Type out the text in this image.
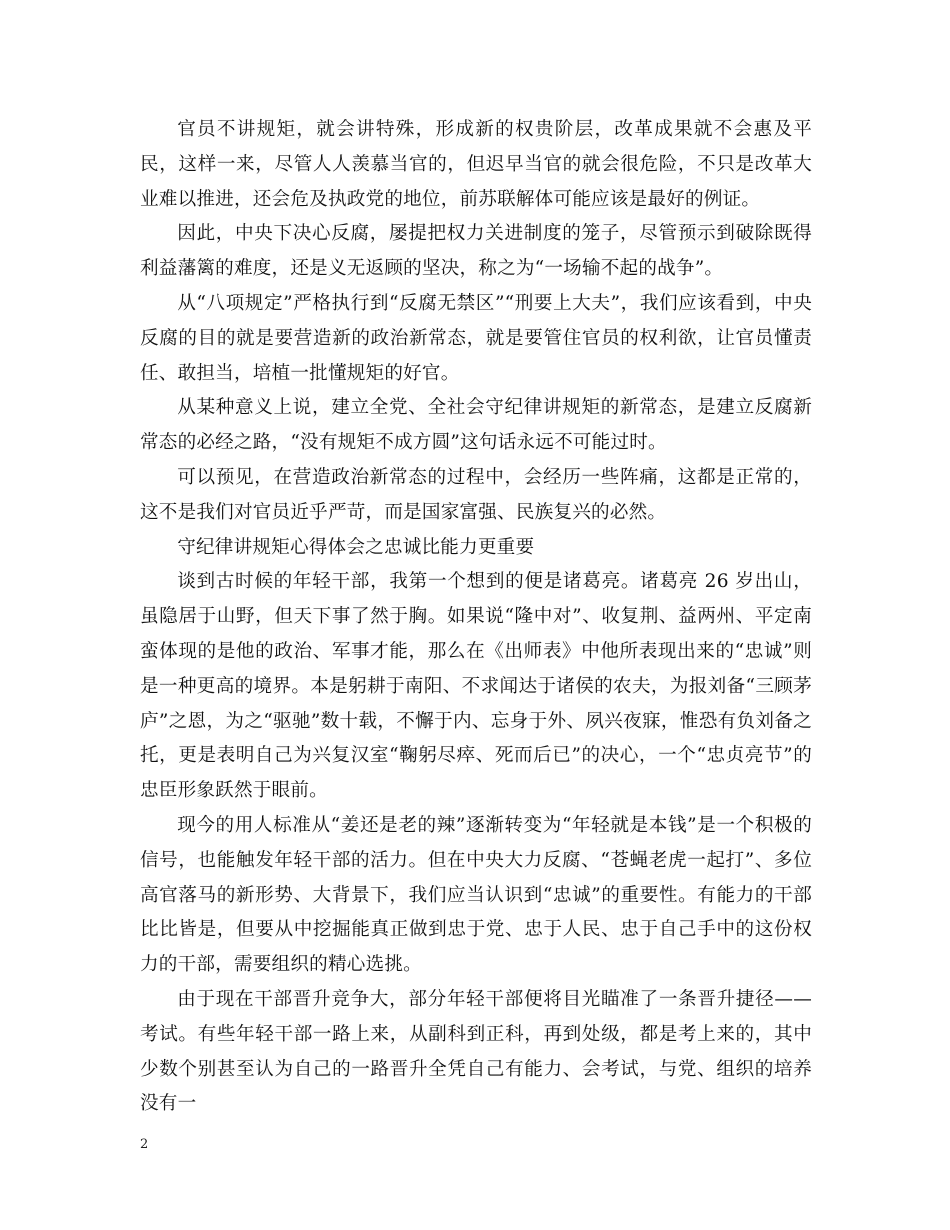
官员不讲规矩，就会讲特殊，形成新的权贵阶层，改革成果就不会惠及平民，这样一来，尽管人人羡慕当官的，但迟早当官的就会很危险，不只是改革大业难以推进，还会危及执政党的地位，前苏联解体可能应该是最好的例证。

因此，中央下决心反腐，屡提把权力关进制度的笼子，尽管预示到破除既得利益藩篱的难度，还是义无返顾的坚决，称之为“一场输不起的战争”。

从“八项规定”严格执行到“反腐无禁区”“刑要上大夫”，我们应该看到，中央反腐的目的就是要营造新的政治新常态，就是要管住官员的权利欲，让官员懂责任、敢担当，培植一批懂规矩的好官。

从某种意义上说，建立全党、全社会守纪律讲规矩的新常态，是建立反腐新常态的必经之路，“没有规矩不成方圆”这句话永远不可能过时。

可以预见，在营造政治新常态的过程中，会经历一些阵痛，这都是正常的，这不是我们对官员近乎严苛，而是国家富强、民族复兴的必然。

守纪律讲规矩心得体会之忠诚比能力更重要

谈到古时候的年轻干部，我第一个想到的便是诸葛亮。诸葛亮 26 岁出山，虽隐居于山野，但天下事了然于胸。如果说“隆中对”、收复荆、益两州、平定南蛮体现的是他的政治、军事才能，那么在《出师表》中他所表现出来的“忠诚”则是一种更高的境界。本是躬耕于南阳、不求闻达于诸侯的农夫，为报刘备“三顾茅庐”之恩，为之“驱驰”数十载，不懈于内、忘身于外、夙兴夜寐，惟恐有负刘备之托，更是表明自己为兴复汉室“鞠躬尽瘁、死而后已”的决心，一个“忠贞亮节”的忠臣形象跃然于眼前。

现今的用人标准从“姜还是老的辣”逐渐转变为“年轻就是本钱”是一个积极的信号，也能触发年轻干部的活力。但在中央大力反腐、“苍蝇老虎一起打”、多位高官落马的新形势、大背景下，我们应当认识到“忠诚”的重要性。有能力的干部比比皆是，但要从中挖掘能真正做到忠于党、忠于人民、忠于自己手中的这份权力的干部，需要组织的精心选挑。

由于现在干部晋升竞争大，部分年轻干部便将目光瞄准了一条晋升捷径——考试。有些年轻干部一路上来，从副科到正科，再到处级，都是考上来的，其中少数个别甚至认为自己的一路晋升全凭自己有能力、会考试，与党、组织的培养没有一

2
